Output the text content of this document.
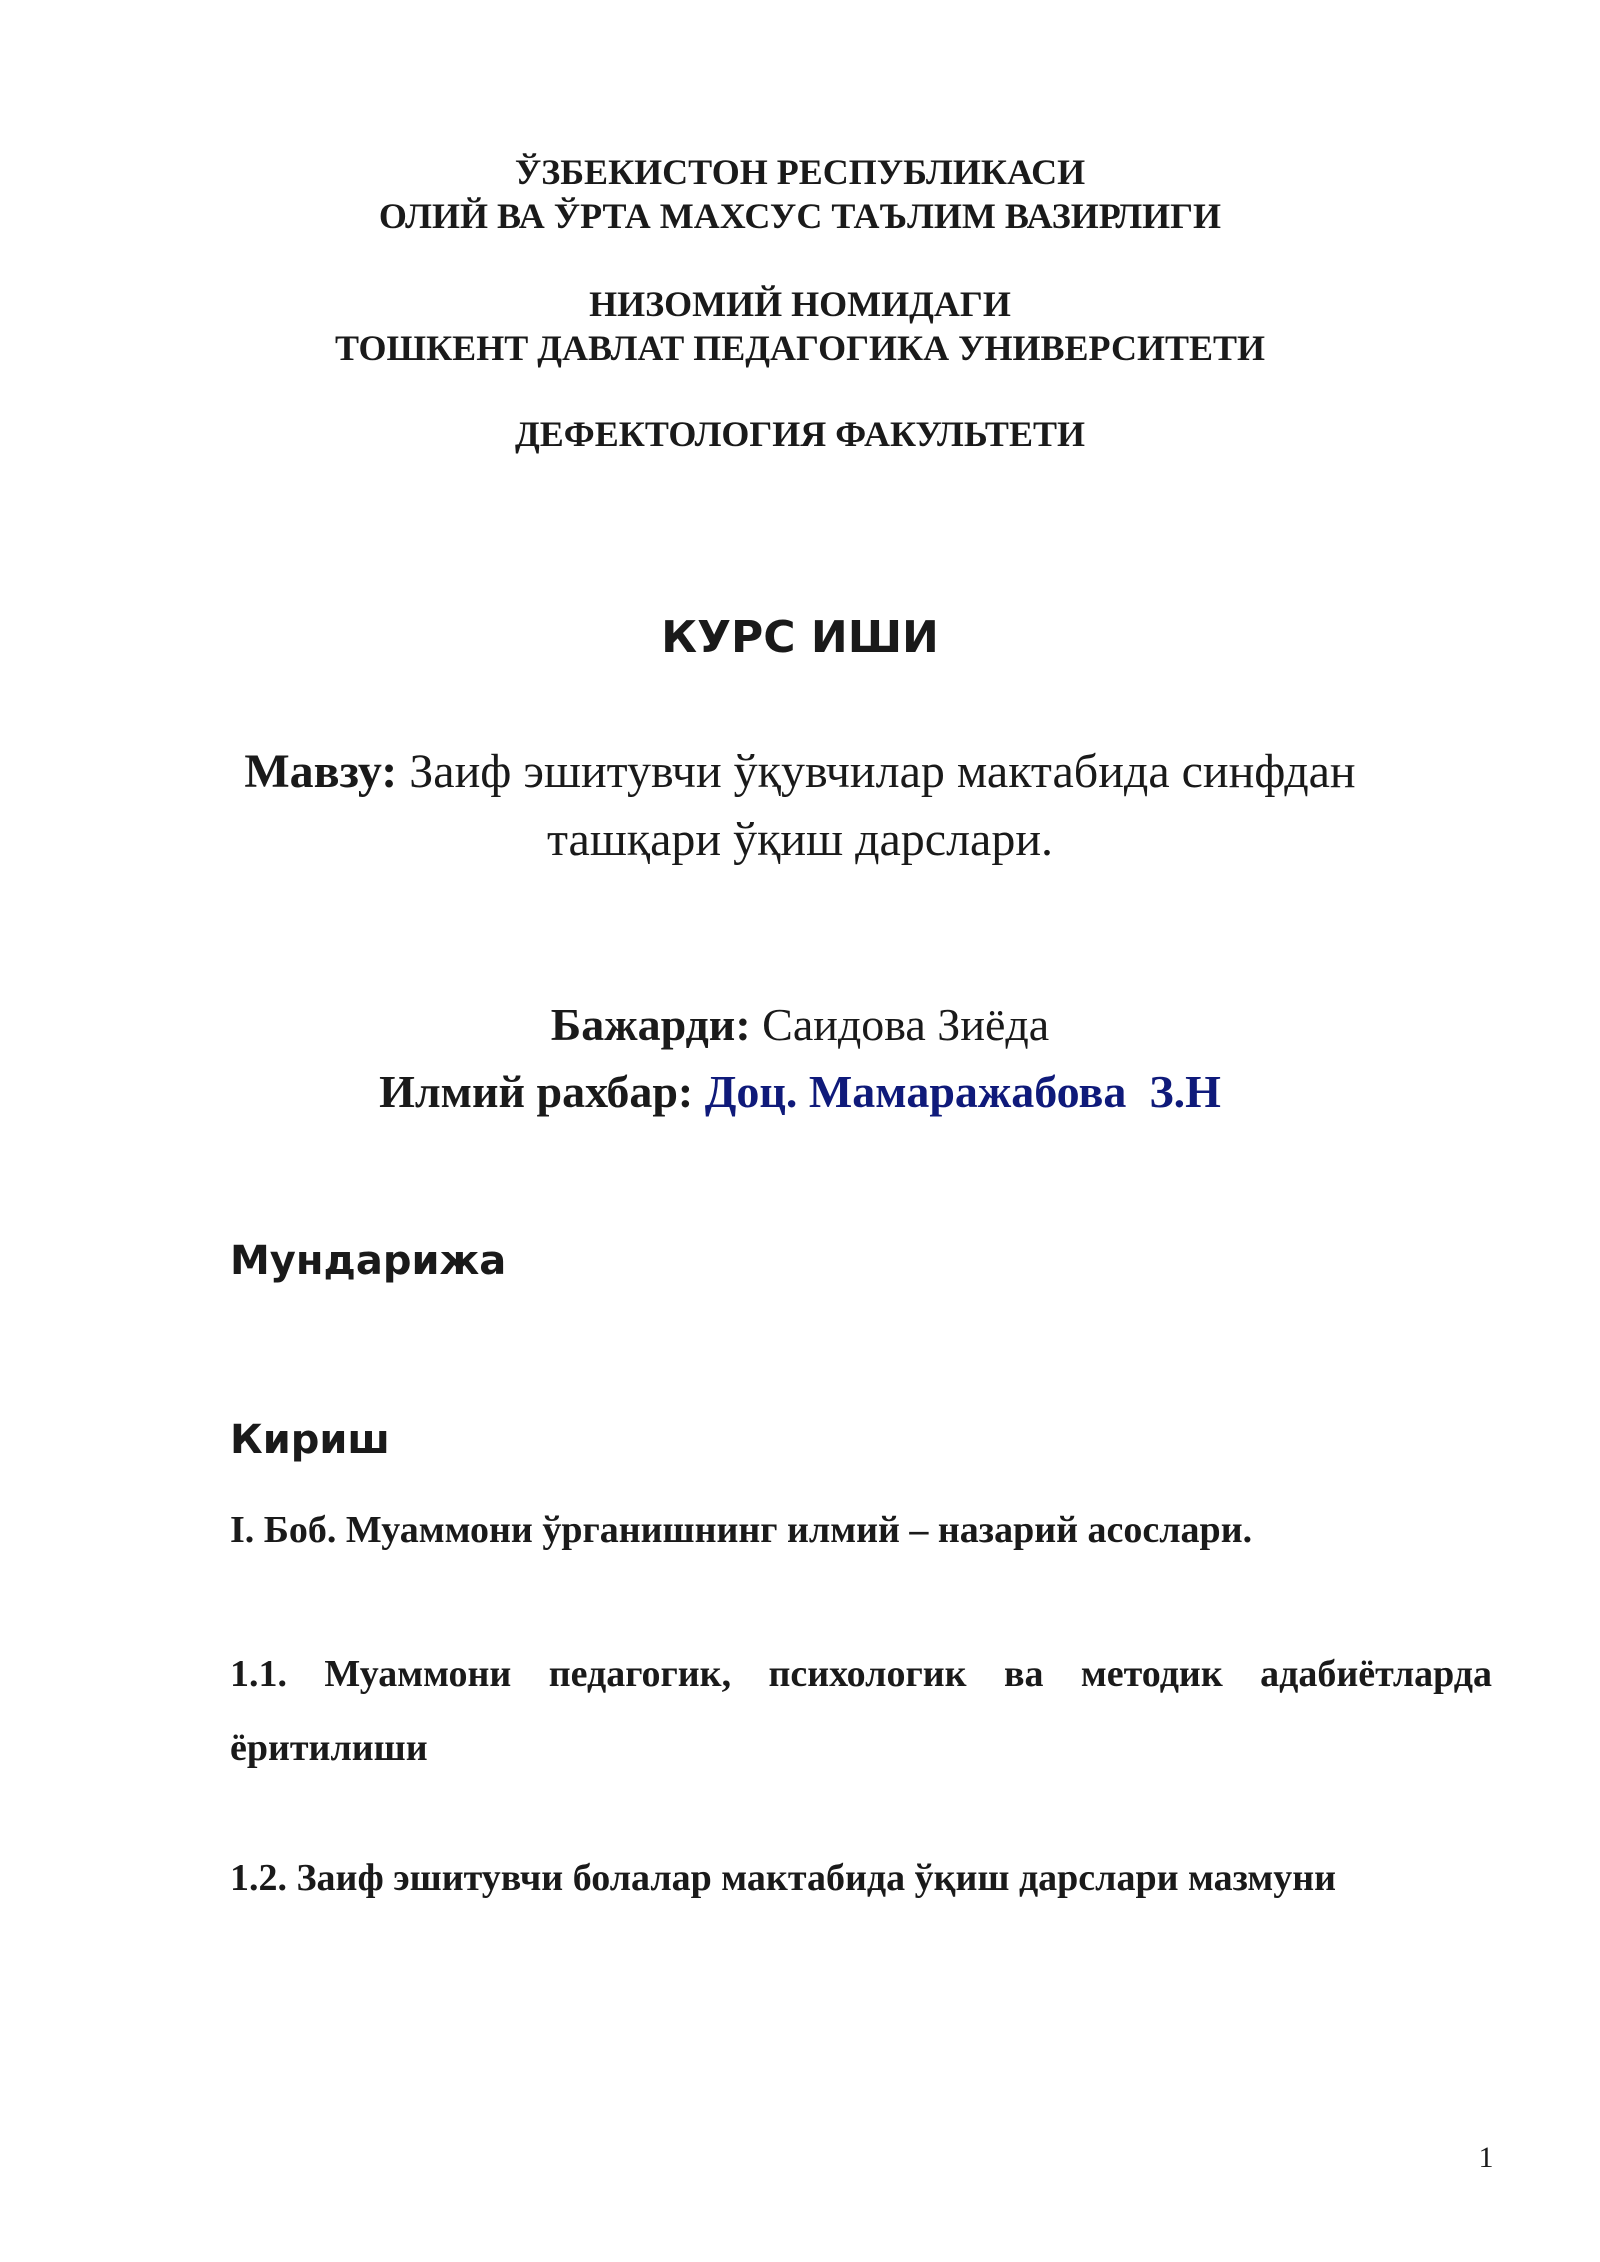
ЎЗБЕКИСТОН РЕСПУБЛИКАСИ
ОЛИЙ ВА ЎРТА МАХСУС ТАЪЛИМ ВАЗИРЛИГИ
НИЗОМИЙ НОМИДАГИ
ТОШКЕНТ ДАВЛАТ ПЕДАГОГИКА УНИВЕРСИТЕТИ
ДЕФЕКТОЛОГИЯ ФАКУЛЬТЕТИ
КУРС ИШИ
Мавзу: Заиф эшитувчи ўқувчилар мактабида синфдан ташқари ўқиш дарслари.
Бажарди: Саидова Зиёда
Илмий рахбар: Доц. Мамаражабова  З.Н
Мундарижа
Кириш
I. Боб. Муаммони ўрганишнинг илмий – назарий асослари.
1.1. Муаммони педагогик, психологик ва методик адабиётларда ёритилиши
1.2. Заиф эшитувчи болалар мактабида ўқиш дарслари мазмуни
1
